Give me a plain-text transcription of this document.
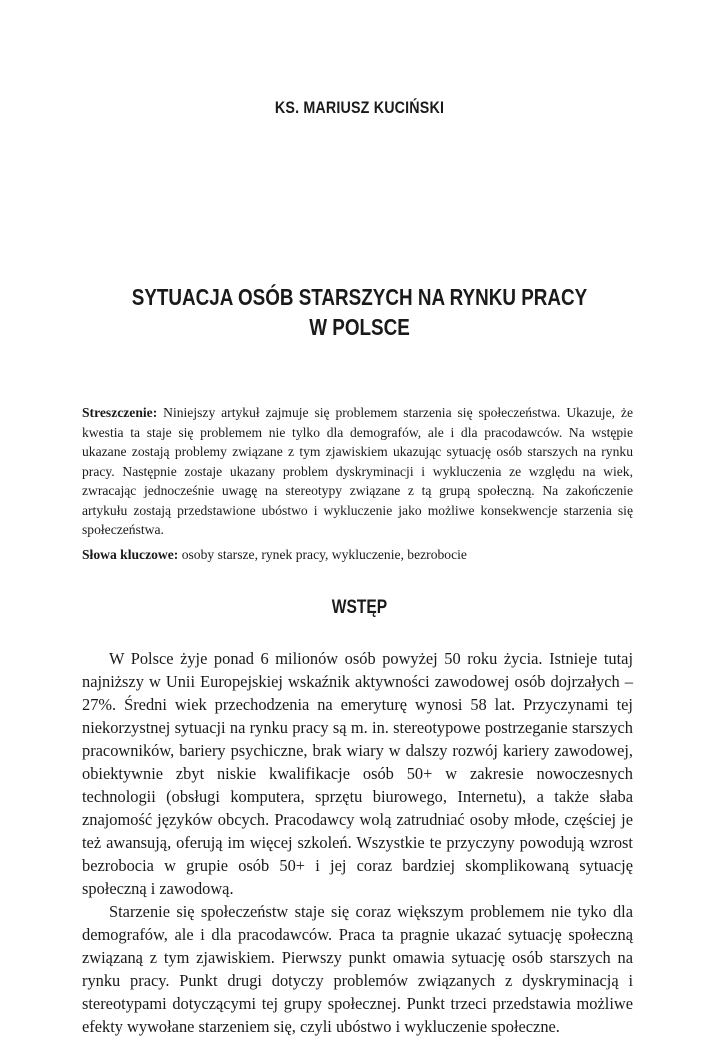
KS. MARIUSZ KUCIŃSKI
SYTUACJA OSÓB STARSZYCH NA RYNKU PRACY
W POLSCE

Streszczenie: Niniejszy artykuł zajmuje się problemem starzenia się społeczeństwa. Ukazuje, że kwestia ta staje się problemem nie tylko dla demografów, ale i dla pracodawców. Na wstępie ukazane zostają problemy związane z tym zjawiskiem ukazując sytuację osób starszych na rynku pracy. Następnie zostaje ukazany problem dyskryminacji i wykluczenia ze względu na wiek, zwracając jednocześnie uwagę na stereotypy związane z tą grupą społeczną. Na zakończenie artykułu zostają przedstawione ubóstwo i wykluczenie jako możliwe konsekwencje starzenia się społeczeństwa.

Słowa kluczowe: osoby starsze, rynek pracy, wykluczenie, bezrobocie

WSTĘP

W Polsce żyje ponad 6 milionów osób powyżej 50 roku życia. Istnieje tutaj najniższy w Unii Europejskiej wskaźnik aktywności zawodowej osób dojrzałych – 27%. Średni wiek przechodzenia na emeryturę wynosi 58 lat. Przyczynami tej niekorzystnej sytuacji na rynku pracy są m. in. stereotypowe postrzeganie starszych pracowników, bariery psychiczne, brak wiary w dalszy rozwój kariery zawodowej, obiektywnie zbyt niskie kwalifikacje osób 50+ w zakresie nowoczesnych technologii (obsługi komputera, sprzętu biurowego, Internetu), a także słaba znajomość języków obcych. Pracodawcy wolą zatrudniać osoby młode, częściej je też awansują, oferują im więcej szkoleń. Wszystkie te przyczyny powodują wzrost bezrobocia w grupie osób 50+ i jej coraz bardziej skomplikowaną sytuację społeczną i zawodową.

Starzenie się społeczeństw staje się coraz większym problemem nie tyko dla demografów, ale i dla pracodawców. Praca ta pragnie ukazać sytuację społeczną związaną z tym zjawiskiem. Pierwszy punkt omawia sytuację osób starszych na rynku pracy. Punkt drugi dotyczy problemów związanych z dyskryminacją i stereotypami dotyczącymi tej grupy społecznej. Punkt trzeci przedstawia możliwe efekty wywołane starzeniem się, czyli ubóstwo i wykluczenie społeczne.
